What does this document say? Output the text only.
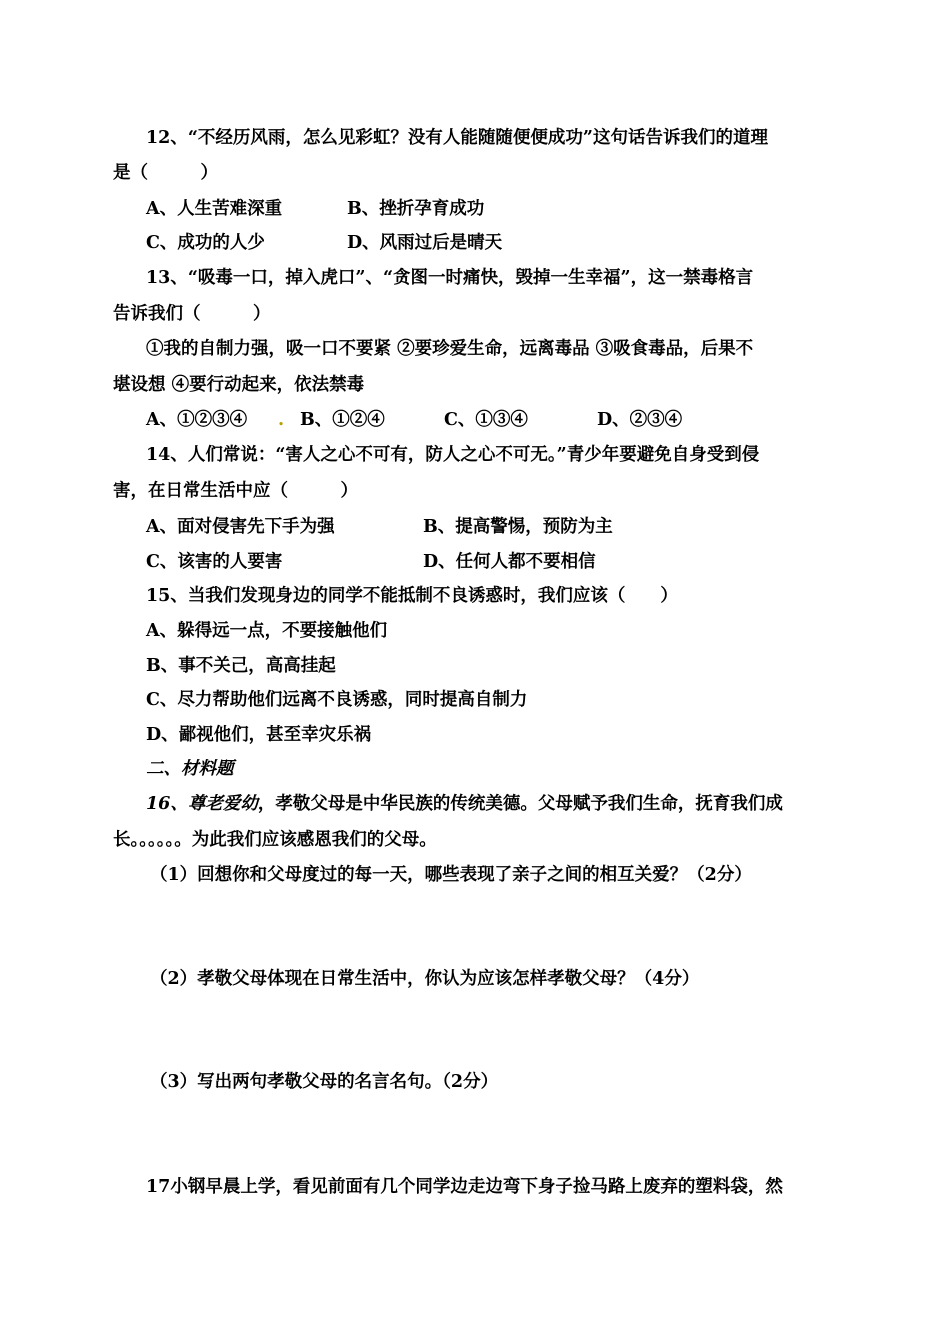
12、“不经历风雨，怎么见彩虹？没有人能随随便便成功”这句话告诉我们的道理
是（　　　）
A、人生苦难深重	B、挫折孕育成功
C、成功的人少	D、风雨过后是晴天
13、“吸毒一口，掉入虎口”、“贪图一时痛快，毁掉一生幸福”，这一禁毒格言
告诉我们（　　　）
①我的自制力强，吸一口不要紧 ②要珍爱生命，远离毒品 ③吸食毒品，后果不
堪设想 ④要行动起来，依法禁毒
A、①②③④ . B、①②④	C、①③④	D、②③④
14、人们常说：“害人之心不可有，防人之心不可无。”青少年要避免自身受到侵
害，在日常生活中应（　　　）
A、面对侵害先下手为强	B、提高警惕，预防为主
C、该害的人要害	D、任何人都不要相信
15、当我们发现身边的同学不能抵制不良诱惑时，我们应该（　　）
A、躲得远一点，不要接触他们
B、事不关己，高高挂起
C、尽力帮助他们远离不良诱惑，同时提高自制力
D、鄙视他们，甚至幸灾乐祸
二、材料题
16、尊老爱幼，孝敬父母是中华民族的传统美德。父母赋予我们生命，抚育我们成
长。。。。。。为此我们应该感恩我们的父母。
（1）回想你和父母度过的每一天，哪些表现了亲子之间的相互关爱？（2分）
（2）孝敬父母体现在日常生活中，你认为应该怎样孝敬父母？（4分）
（3）写出两句孝敬父母的名言名句。（2分）
17小钢早晨上学，看见前面有几个同学边走边弯下身子捡马路上废弃的塑料袋，然
